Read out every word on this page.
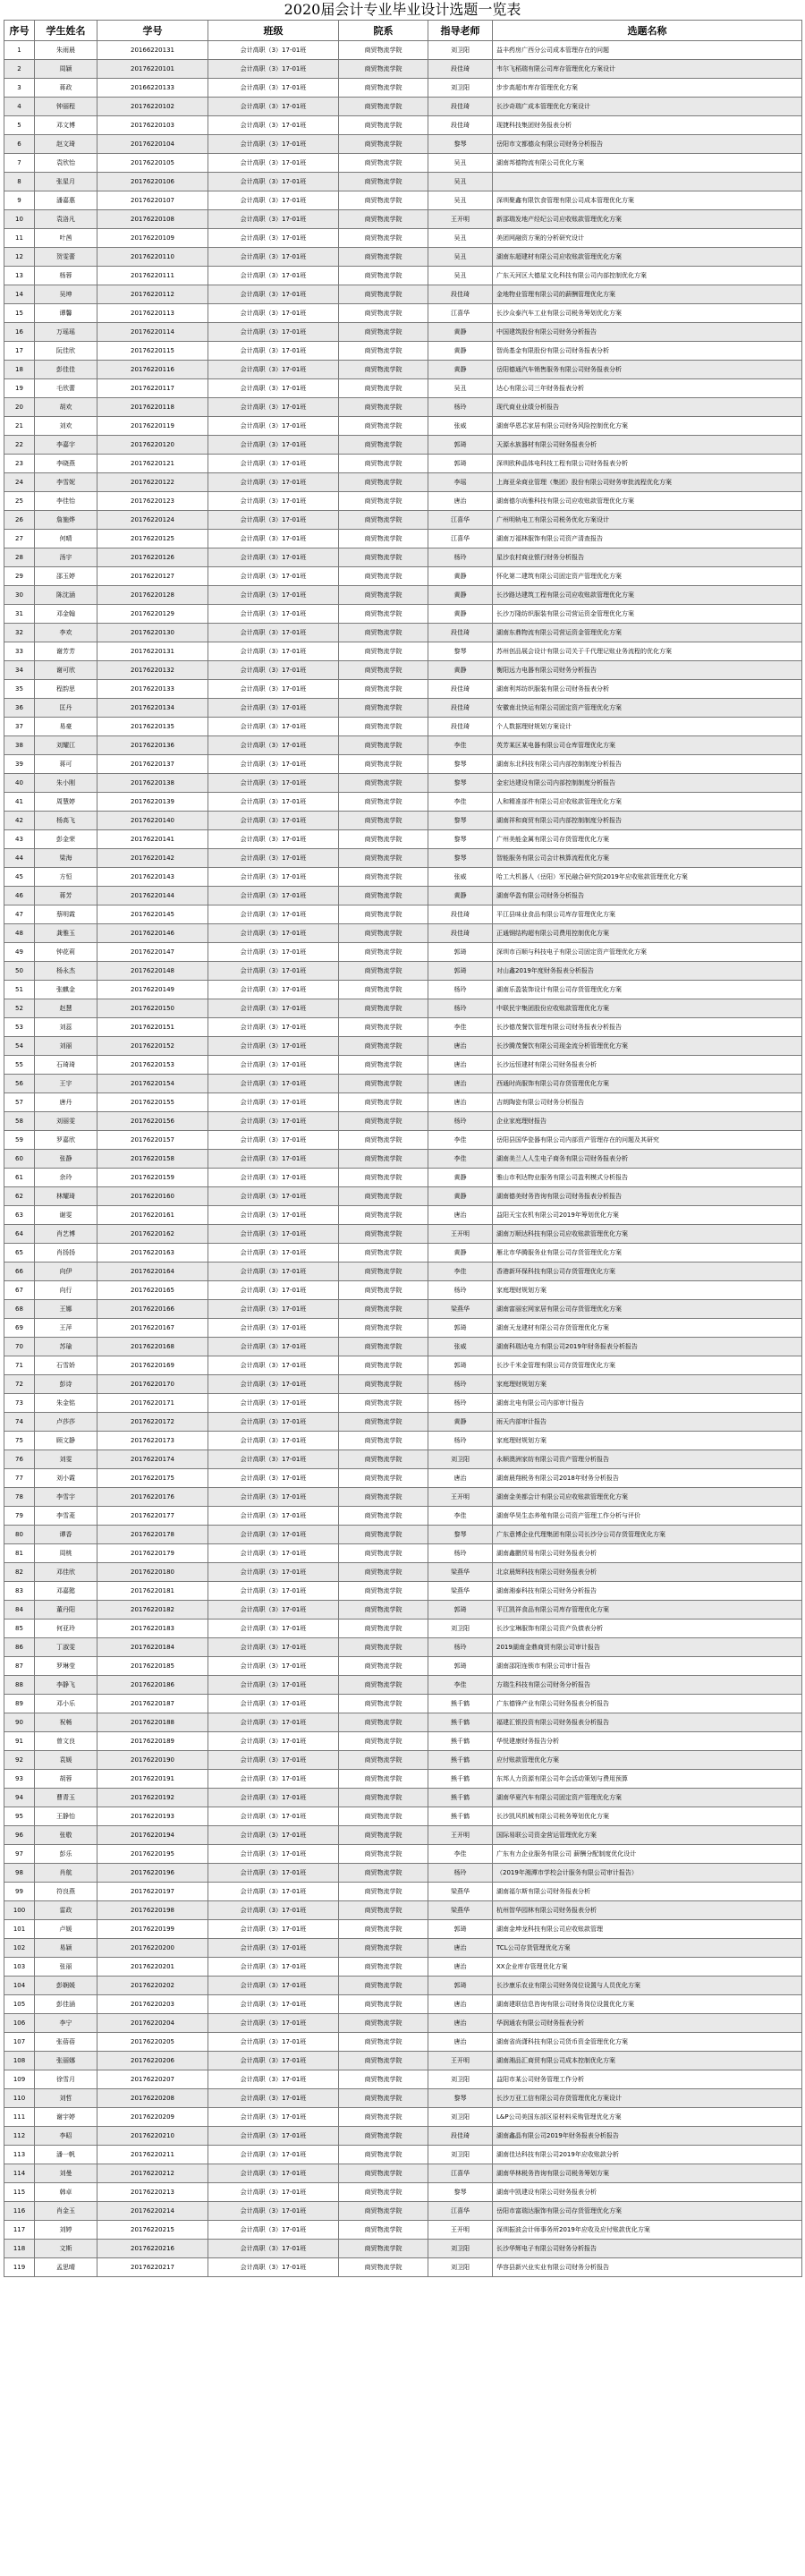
2020届会计专业毕业设计选题一览表
序号	学生姓名	学号	班级	院系	指导老师	选题名称
1	朱雨晨	20166220131	会计高职（3）17-01班	商贸物流学院	刘卫阳	益丰药房广西分公司成本管理存在的问题
2	周颖	20176220101	会计高职（3）17-01班	商贸物流学院	段佳琦	韦尔飞稻瑞有限公司库存管理优化方案设计
3	蒋政	20166220133	会计高职（3）17-01班	商贸物流学院	刘卫阳	步步高超市库存管理优化方案
4	钟丽程	20176220102	会计高职（3）17-01班	商贸物流学院	段佳琦	长沙奇瑞广成本管理优化方案设计
5	邓文博	20176220103	会计高职（3）17-01班	商贸物流学院	段佳琦	现捷科技集团财务报表分析
6	赵文琦	20176220104	会计高职（3）17-01班	商贸物流学院	黎琴	岳阳市文都德众有限公司财务分析报告
7	袁欣怡	20176220105	会计高职（3）17-01班	商贸物流学院	吴丑	湖南邦德物流有限公司优化方案
8	张星月	20176220106	会计高职（3）17-01班	商贸物流学院	吴丑	
9	潘嘉惠	20176220107	会计高职（3）17-01班	商贸物流学院	吴丑	深圳聚鑫有限饮食管理有限公司成本管理优化方案
10	袁洛凡	20176220108	会计高职（3）17-01班	商贸物流学院	王开明	新邵瑞发地产经纪公司应收账款管理优化方案
11	叶茜	20176220109	会计高职（3）17-01班	商贸物流学院	吴丑	美团网融资方案的分析研究设计
12	贺雯蕾	20176220110	会计高职（3）17-01班	商贸物流学院	吴丑	湖南东超建材有限公司应收账款管理优化方案
13	杨蓉	20176220111	会计高职（3）17-01班	商贸物流学院	吴丑	广东天河区大德星文化科技有限公司内部控制优化方案
14	吴坤	20176220112	会计高职（3）17-01班	商贸物流学院	段佳琦	金地物业管理有限公司的薪酬管理优化方案
15	谭馨	20176220113	会计高职（3）17-01班	商贸物流学院	江喜华	长沙众泰汽车工业有限公司税务筹划优化方案
16	万瑶瑶	20176220114	会计高职（3）17-01班	商贸物流学院	黄静	中国建筑股份有限公司财务分析报告
17	阮佳欣	20176220115	会计高职（3）17-01班	商贸物流学院	黄静	智尚基金有限股份有限公司财务报表分析
18	彭佳佳	20176220116	会计高职（3）17-01班	商贸物流学院	黄静	岳阳德通汽车销售服务有限公司财务报表分析
19	毛欣蕾	20176220117	会计高职（3）17-01班	商贸物流学院	吴丑	达心有限公司三年财务报表分析
20	胡欢	20176220118	会计高职（3）17-01班	商贸物流学院	杨玲	现代商业业绩分析报告
21	刘欢	20176220119	会计高职（3）17-01班	商贸物流学院	张威	湖南华恩芯家居有限公司财务风险控制优化方案
22	李嘉宇	20176220120	会计高职（3）17-01班	商贸物流学院	郭琦	天源水族器材有限公司财务报表分析
23	李晓燕	20176220121	会计高职（3）17-01班	商贸物流学院	郭琦	深圳欧种晶体电科技工程有限公司财务报表分析
24	李雪妮	20176220122	会计高职（3）17-01班	商贸物流学院	李瑶	上海亚朵商业管理（集团）股份有限公司财务审批流程优化方案
25	李佳怡	20176220123	会计高职（3）17-01班	商贸物流学院	唐治	湖南德尔尚雅科技有限公司应收账款管理优化方案
26	詹施烨	20176220124	会计高职（3）17-01班	商贸物流学院	江喜华	广州明轨电工有限公司税务优化方案设计
27	何晴	20176220125	会计高职（3）17-01班	商贸物流学院	江喜华	湖南万福林服饰有限公司资产清查报告
28	汤宇	20176220126	会计高职（3）17-01班	商贸物流学院	杨玲	星沙农村商业银行财务分析报告
29	邵玉婷	20176220127	会计高职（3）17-01班	商贸物流学院	黄静	怀化第二建筑有限公司固定资产管理优化方案
30	陈沈涵	20176220128	会计高职（3）17-01班	商贸物流学院	黄静	长沙路达建筑工程有限公司应收账款管理优化方案
31	邓金翰	20176220129	会计高职（3）17-01班	商贸物流学院	黄静	长沙万隆纺织服装有限公司营运资金管理优化方案
32	李欢	20176220130	会计高职（3）17-01班	商贸物流学院	段佳琦	湖南东鼎物流有限公司营运资金管理优化方案
33	谢芳芳	20176220131	会计高职（3）17-01班	商贸物流学院	黎琴	苏州创品展会设计有限公司关于千代理记账业务流程的优化方案
34	谢可欣	20176220132	会计高职（3）17-01班	商贸物流学院	黄静	衡阳远力电器有限公司财务分析报告
35	程韵思	20176220133	会计高职（3）17-01班	商贸物流学院	段佳琦	湖南利邦纺织服装有限公司财务报表分析
36	匡丹	20176220134	会计高职（3）17-01班	商贸物流学院	段佳琦	安徽南北快运有限公司固定资产管理优化方案
37	易豪	20176220135	会计高职（3）17-01班	商贸物流学院	段佳琦	个人数据理财规划方案设计
38	刘耀江	20176220136	会计高职（3）17-01班	商贸物流学院	李佳	英芳某区某电器有限公司仓库管理优化方案
39	蒋可	20176220137	会计高职（3）17-01班	商贸物流学院	黎琴	湖南东北科技有限公司内部控制制度分析报告
40	朱小刚	20176220138	会计高职（3）17-01班	商贸物流学院	黎琴	金宏达建设有限公司内部控制制度分析报告
41	周慧婷	20176220139	会计高职（3）17-01班	商贸物流学院	李佳	人和精准部件有限公司应收账款管理优化方案
42	杨高飞	20176220140	会计高职（3）17-01班	商贸物流学院	黎琴	湖南祥和商贸有限公司内部控制制度分析报告
43	彭金荣	20176220141	会计高职（3）17-01班	商贸物流学院	黎琴	广州美能金属有限公司存货管理优化方案
44	梁海	20176220142	会计高职（3）17-01班	商贸物流学院	黎琴	智能服务有限公司会计核算流程优化方案
45	方恒	20176220143	会计高职（3）17-01班	商贸物流学院	张威	哈工大机器人（岳阳）军民融合研究院2019年应收账款管理优化方案
46	蒋芳	20176220144	会计高职（3）17-01班	商贸物流学院	黄静	湖南华盈有限公司财务分析报告
47	蔡明霞	20176220145	会计高职（3）17-01班	商贸物流学院	段佳琦	平江县味业食品有限公司库存管理优化方案
48	龚雅玉	20176220146	会计高职（3）17-01班	商贸物流学院	段佳琦	正通钢结构超有限公司费用控制优化方案
49	钟花莉	20176220147	会计高职（3）17-01班	商贸物流学院	郭琦	深圳市百顺与科技电子有限公司固定资产管理优化方案
50	杨永杰	20176220148	会计高职（3）17-01班	商贸物流学院	郭琦	对山鑫2019年度财务报表分析报告
51	张麒金	20176220149	会计高职（3）17-01班	商贸物流学院	杨玲	湖南乐盈装饰设计有限公司存货管理优化方案
52	赵慧	20176220150	会计高职（3）17-01班	商贸物流学院	杨玲	中联民宇集团股份应收账款管理优化方案
53	刘蕊	20176220151	会计高职（3）17-01班	商贸物流学院	李佳	长沙德茂餐饮管理有限公司财务报表分析报告
54	刘丽	20176220152	会计高职（3）17-01班	商贸物流学院	唐治	长沙腾茂餐饮有限公司现金流分析管理优化方案
55	石琦琦	20176220153	会计高职（3）17-01班	商贸物流学院	唐治	长沙远恒建材有限公司财务报表分析
56	王宇	20176220154	会计高职（3）17-01班	商贸物流学院	唐治	西通时尚服饰有限公司存货管理优化方案
57	唐丹	20176220155	会计高职（3）17-01班	商贸物流学院	唐治	吉朗陶瓷有限公司财务分析报告
58	刘丽雯	20176220156	会计高职（3）17-01班	商贸物流学院	杨玲	企业家庭理财报告
59	罗嘉欣	20176220157	会计高职（3）17-01班	商贸物流学院	李佳	岳阳县国华瓷器有限公司内部资产管理存在的问题及其研究
60	张静	20176220158	会计高职（3）17-01班	商贸物流学院	李佳	湖南美兰人人生电子商务有限公司财务报表分析
61	余玲	20176220159	会计高职（3）17-01班	商贸物流学院	黄静	雅山市利达物业服务有限公司盈利模式分析报告
62	林耀琦	20176220160	会计高职（3）17-01班	商贸物流学院	黄静	湖南德美财务咨询有限公司财务报表分析报告
63	谢雯	20176220161	会计高职（3）17-01班	商贸物流学院	唐治	益阳天宝农机有限公司2019年筹划优化方案
64	肖艺博	20176220162	会计高职（3）17-01班	商贸物流学院	王开明	湖南万顺达科技有限公司应收账款管理优化方案
65	肖扬扬	20176220163	会计高职（3）17-01班	商贸物流学院	黄静	雁北市华腾服务业有限公司存货管理优化方案
66	向伊	20176220164	会计高职（3）17-01班	商贸物流学院	李佳	香港新环保科技有限公司存货管理优化方案
67	向行	20176220165	会计高职（3）17-01班	商贸物流学院	杨玲	家庭理财规划方案
68	王娜	20176220166	会计高职（3）17-01班	商贸物流学院	梁燕华	湖南富丽宏网家居有限公司存货管理优化方案
69	王萍	20176220167	会计高职（3）17-01班	商贸物流学院	郭琦	湖南天龙建材有限公司存货管理优化方案
70	苏瑜	20176220168	会计高职（3）17-01班	商贸物流学院	张威	湖南科瑞达电力有限公司2019年财务报表分析报告
71	石雪娇	20176220169	会计高职（3）17-01班	商贸物流学院	郭琦	长沙千米金管理有限公司存货管理优化方案
72	彭诗	20176220170	会计高职（3）17-01班	商贸物流学院	杨玲	家庭理财规划方案
73	朱金铭	20176220171	会计高职（3）17-01班	商贸物流学院	杨玲	湖南北电有限公司内部审计报告
74	卢莎莎	20176220172	会计高职（3）17-01班	商贸物流学院	黄静	雨天内部审计报告
75	顾文静	20176220173	会计高职（3）17-01班	商贸物流学院	杨玲	家庭理财规划方案
76	刘雯	20176220174	会计高职（3）17-01班	商贸物流学院	刘卫阳	永顺澳洲家纺有限公司资产管理分析报告
77	刘小霞	20176220175	会计高职（3）17-01班	商贸物流学院	唐治	湖南晨翔税务有限公司2018年财务分析报告
78	李雪宇	20176220176	会计高职（3）17-01班	商贸物流学院	王开明	湖南金美都会计有限公司应收账款管理优化方案
79	李雪菱	20176220177	会计高职（3）17-01班	商贸物流学院	李佳	湖南华昊生态养殖有限公司资产管理工作分析与评价
80	谭香	20176220178	会计高职（3）17-01班	商贸物流学院	黎琴	广东意博企业代理集团有限公司长沙分公司存货管理优化方案
81	周桃	20176220179	会计高职（3）17-01班	商贸物流学院	杨玲	湖南鑫鹏贸易有限公司财务报表分析
82	邓佳欣	20176220180	会计高职（3）17-01班	商贸物流学院	梁燕华	北京晨辉科技有限公司财务报表分析
83	邓嘉懿	20176220181	会计高职（3）17-01班	商贸物流学院	梁燕华	湖南湘泰科技有限公司财务分析报告
84	董丹阳	20176220182	会计高职（3）17-01班	商贸物流学院	郭琦	平江凯祥食品有限公司库存管理优化方案
85	何亚玲	20176220183	会计高职（3）17-01班	商贸物流学院	刘卫阳	长沙宝琳服饰有限公司资产负债表分析
86	丁淑雯	20176220184	会计高职（3）17-01班	商贸物流学院	杨玲	2019湖南金鼎商贸有限公司审计报告
87	罗琳莹	20176220185	会计高职（3）17-01班	商贸物流学院	郭琦	湖南邵阳连锁市有限公司审计报告
88	李静飞	20176220186	会计高职（3）17-01班	商贸物流学院	李佳	方瑞生科技有限公司财务分析报告
89	邓小乐	20176220187	会计高职（3）17-01班	商贸物流学院	熊千鹤	广东德锋产业有限公司财务报表分析报告
90	祝畅	20176220188	会计高职（3）17-01班	商贸物流学院	熊千鹤	福建汇银投资有限公司财务报表分析报告
91	曾文良	20176220189	会计高职（3）17-01班	商贸物流学院	熊千鹤	华悦建康财务报告分析
92	袁媛	20176220190	会计高职（3）17-01班	商贸物流学院	熊千鹤	应付账款管理优化方案
93	胡蓉	20176220191	会计高职（3）17-01班	商贸物流学院	熊千鹤	东邦人力资源有限公司年会活动策划与费用预算
94	曹青玉	20176220192	会计高职（3）17-01班	商贸物流学院	熊千鹤	湖南华夏汽车有限公司固定资产管理优化方案
95	王静怡	20176220193	会计高职（3）17-01班	商贸物流学院	熊千鹤	长沙凯风机械有限公司税务筹划优化方案
96	张敬	20176220194	会计高职（3）17-01班	商贸物流学院	王开明	国际易联公司资金营运管理优化方案
97	彭乐	20176220195	会计高职（3）17-01班	商贸物流学院	李佳	广东有力企业服务有限公司 薪酬分配制度优化设计
98	肖航	20176220196	会计高职（3）17-01班	商贸物流学院	杨玲	（2019年湘潭市学校会计服务有限公司审计报告）
99	符良燕	20176220197	会计高职（3）17-01班	商贸物流学院	梁燕华	湖南福尔斯有限公司财务报表分析
100	雷政	20176220198	会计高职（3）17-01班	商贸物流学院	梁燕华	杭州智华园林有限公司财务报表分析
101	卢媛	20176220199	会计高职（3）17-01班	商贸物流学院	郭琦	湖南金坤龙科技有限公司应收账款管理
102	易颖	20176220200	会计高职（3）17-01班	商贸物流学院	唐治	TCL公司存货管理优化方案
103	张丽	20176220201	会计高职（3）17-01班	商贸物流学院	唐治	XX企业库存管理优化方案
104	彭娴媛	20176220202	会计高职（3）17-01班	商贸物流学院	郭琦	长沙康乐农业有限公司财务岗位设置与人员优化方案
105	彭佳涵	20176220203	会计高职（3）17-01班	商贸物流学院	唐治	湖南建联信息咨询有限公司财务岗位设置优化方案
106	李宁	20176220204	会计高职（3）17-01班	商贸物流学院	唐治	华润通农有限公司财务报表分析
107	张蓓蓓	20176220205	会计高职（3）17-01班	商贸物流学院	唐治	湖南省尚潇科技有限公司货币资金管理优化方案
108	张丽娜	20176220206	会计高职（3）17-01班	商贸物流学院	王开明	湖南湘品汇商贸有限公司成本控制优化方案
109	徐雪月	20176220207	会计高职（3）17-01班	商贸物流学院	刘卫阳	益阳市某公司财务管理工作分析
110	刘哲	20176220208	会计高职（3）17-01班	商贸物流学院	黎琴	长沙万亚工信有限公司存货管理优化方案设计
111	谢宇婷	20176220209	会计高职（3）17-01班	商贸物流学院	刘卫阳	L&P公司美国东部区原材料采购管理优化方案
112	李昭	20176220210	会计高职（3）17-01班	商贸物流学院	段佳琦	湖南鑫晶有限公司2019年财务报表分析报告
113	潘一帆	20176220211	会计高职（3）17-01班	商贸物流学院	刘卫阳	湖南佳达科技有限公司2019年应收账款分析
114	刘曼	20176220212	会计高职（3）17-01班	商贸物流学院	江喜华	湖南华林税务咨询有限公司税务筹划方案
115	韩卓	20176220213	会计高职（3）17-01班	商贸物流学院	黎琴	湖南中凯建设有限公司财务报表分析
116	肖金玉	20176220214	会计高职（3）17-01班	商贸物流学院	江喜华	岳阳市富瑞达服饰有限公司存货管理优化方案
117	刘婷	20176220215	会计高职（3）17-01班	商贸物流学院	王开明	深圳振波会计师事务所2019年应收及应付账款优化方案
118	文斯	20176220216	会计高职（3）17-01班	商贸物流学院	刘卫阳	长沙华辉电子有限公司财务分析报告
119	孟思晴	20176220217	会计高职（3）17-01班	商贸物流学院	刘卫阳	华容县新兴业实业有限公司财务分析报告
